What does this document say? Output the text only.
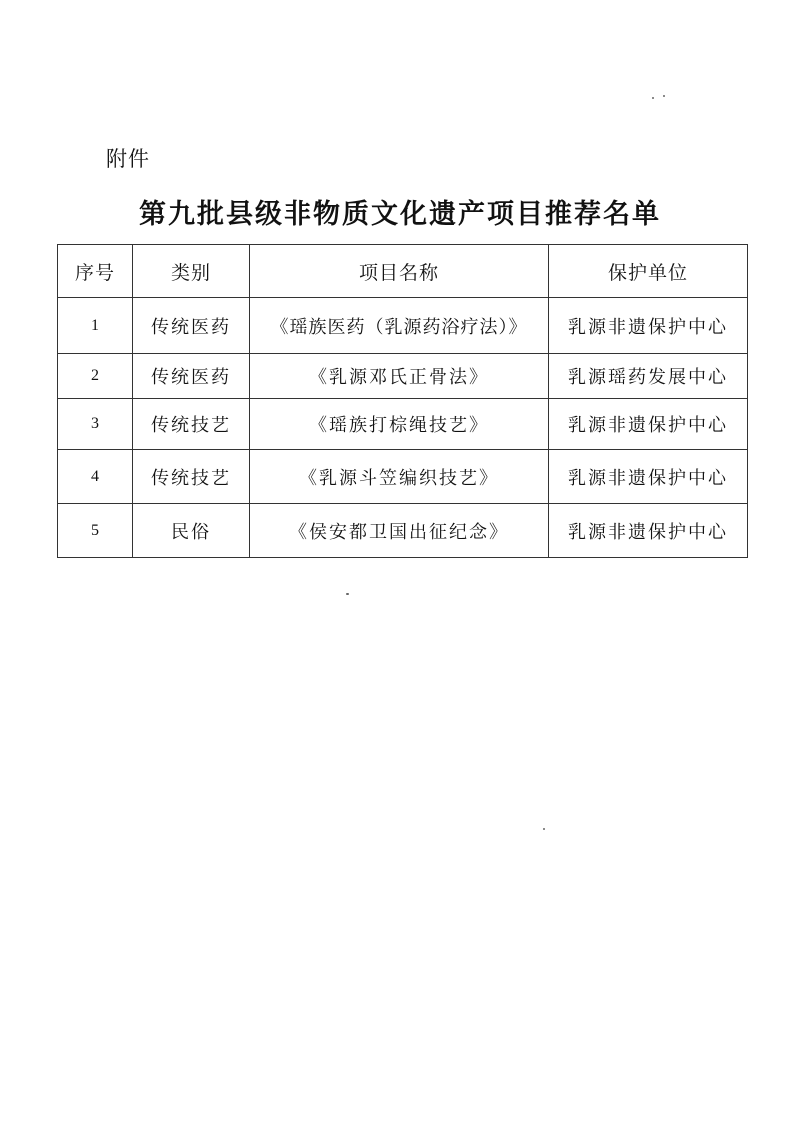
附件
第九批县级非物质文化遗产项目推荐名单
序号	类别	项目名称	保护单位
1	传统医药	《瑶族医药（乳源药浴疗法）》	乳源非遗保护中心
2	传统医药	《乳源邓氏正骨法》	乳源瑶药发展中心
3	传统技艺	《瑶族打棕绳技艺》	乳源非遗保护中心
4	传统技艺	《乳源斗笠编织技艺》	乳源非遗保护中心
5	民俗	《侯安都卫国出征纪念》	乳源非遗保护中心
